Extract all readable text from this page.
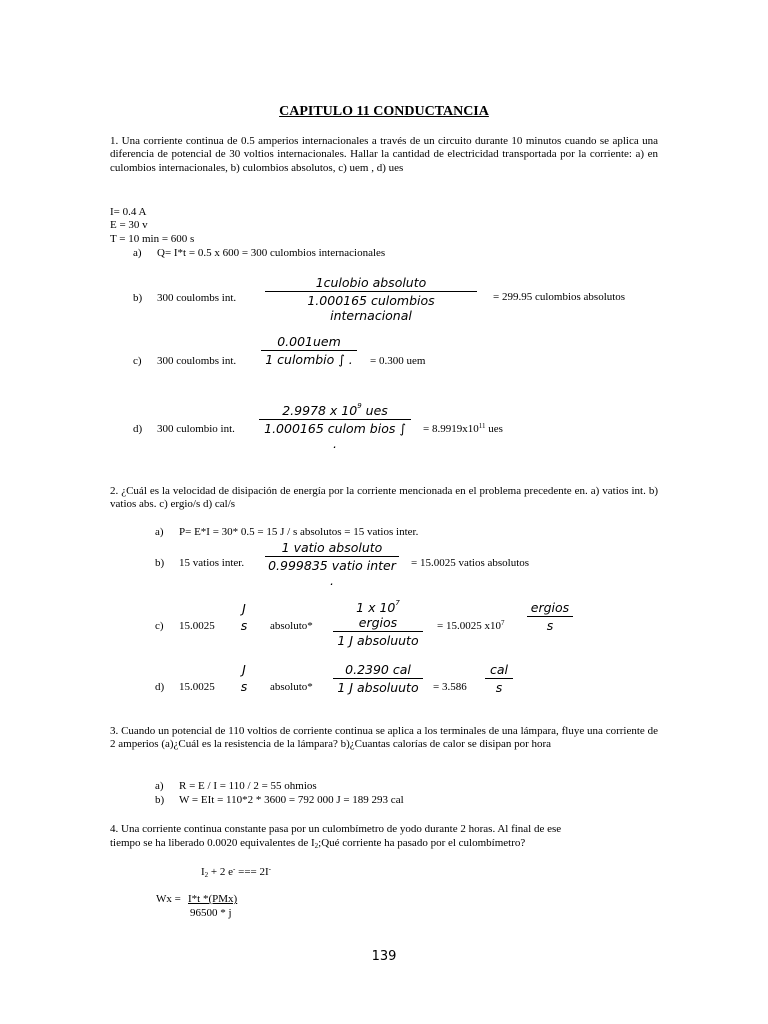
CAPITULO 11 CONDUCTANCIA
1. Una corriente continua de 0.5 amperios internacionales a través de un circuito durante 10 minutos cuando se aplica una diferencia de potencial de 30 voltios internacionales. Hallar la cantidad de electricidad transportada por la corriente: a) en culombios internacionales, b) culombios absolutos, c) uem , d) ues
I= 0.4 A
E = 30 v
T = 10 min = 600 s
a) Q= I*t = 0.5 x 600 = 300 culombios internacionales
b) 300 coulombs int.
1culobio absoluto
1.000165 culombios internacional
= 299.95 culombios absolutos
c) 300 coulombs int.
0.001uem
1 culombio ∫ .	= 0.300 uem
d) 300 culombio int.
2.9978 x $10^9$ ues
1.000165 culom bios ∫ .
= $8.9919x10^{11}$ ues
2. ¿Cuál es la velocidad de disipación de energía por la corriente mencionada en el problema precedente en. a) vatios int. b) vatios abs. c) ergio/s d) cal/s
a) P= E*I = 30* 0.5 = 15 J / s absolutos = 15 vatios inter.
b) 15 vatios inter.
1 vatio absoluto
0.999835 vatio inter .
= 15.0025 vatios absolutos
c) 15.0025
J
s	absoluto*
1 x $10^7$ ergios
1 J absoluuto
= 15.0025 $x10^7$
ergios
s
d) 15.0025
J
s	absoluto*
0.2390 cal
1 J absoluuto	= 3.586
cal
s
3. Cuando un potencial de 110 voltios de corriente continua se aplica a los terminales de una lámpara, fluye una corriente de 2 amperios (a)¿Cuál es la resistencia de la lámpara? b)¿Cuantas calorías de calor se disipan por hora
a) R = E / I = 110 / 2 = 55 ohmios
b) W = EIt = 110*2 * 3600 = 792 000 J = 189 293 cal
4. Una corriente continua constante pasa por un culombímetro de yodo durante 2 horas. Al final de ese
tiempo se ha liberado 0.0020 equivalentes de I2;Qué corriente ha pasado por el culombímetro?
I2 + 2 e- === 2I-
Wx = I*t *(PMx)
96500 * j
139
